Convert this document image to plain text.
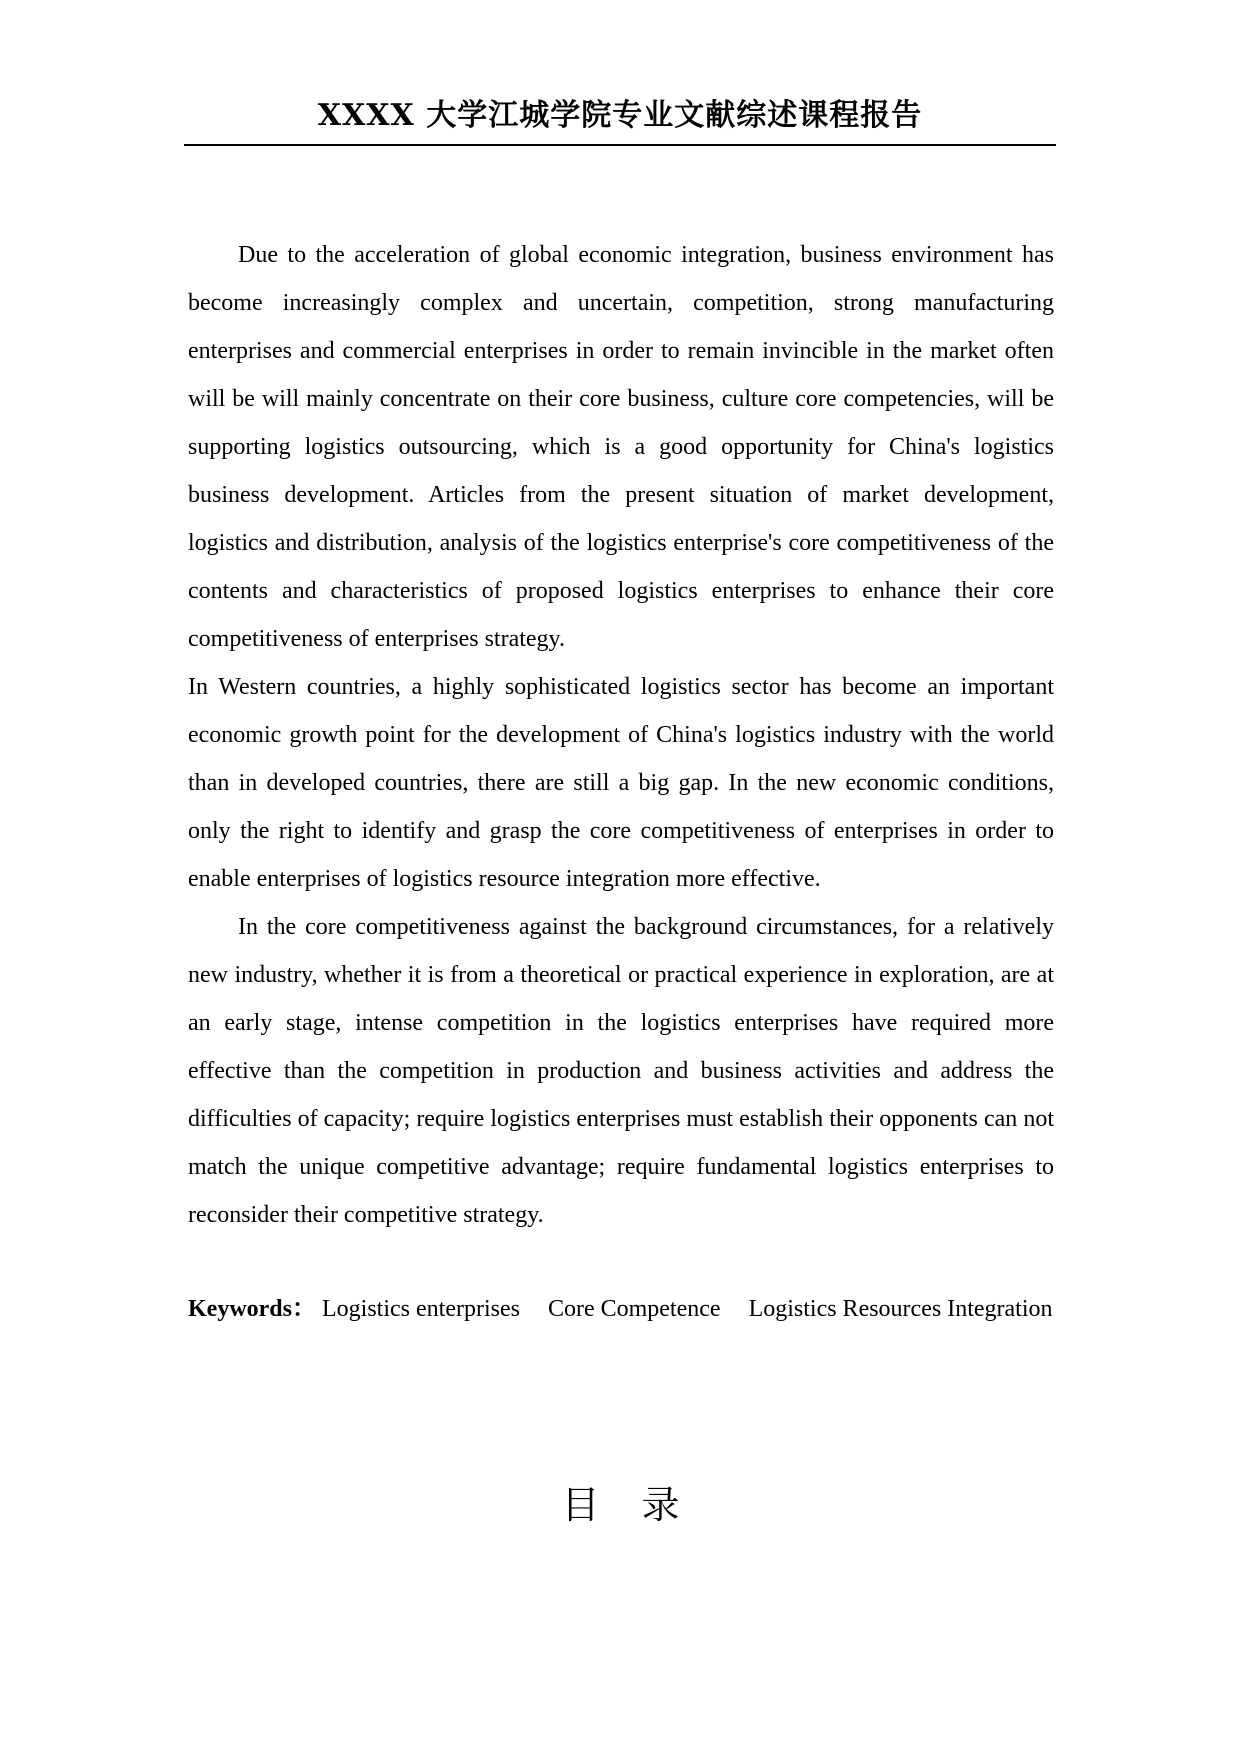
XXXX 大学江城学院专业文献综述课程报告

Due to the acceleration of global economic integration, business environment has become increasingly complex and uncertain, competition, strong manufacturing enterprises and commercial enterprises in order to remain invincible in the market often will be will mainly concentrate on their core business, culture core competencies, will be supporting logistics outsourcing, which is a good opportunity for China's logistics business development. Articles from the present situation of market development, logistics and distribution, analysis of the logistics enterprise's core competitiveness of the contents and characteristics of proposed logistics enterprises to enhance their core competitiveness of enterprises strategy.

In Western countries, a highly sophisticated logistics sector has become an important economic growth point for the development of China's logistics industry with the world than in developed countries, there are still a big gap. In the new economic conditions, only the right to identify and grasp the core competitiveness of enterprises in order to enable enterprises of logistics resource integration more effective.

In the core competitiveness against the background circumstances, for a relatively new industry, whether it is from a theoretical or practical experience in exploration, are at an early stage, intense competition in the logistics enterprises have required more effective than the competition in production and business activities and address the difficulties of capacity; require logistics enterprises must establish their opponents can not match the unique competitive advantage; require fundamental logistics enterprises to reconsider their competitive strategy.

Keywords： Logistics enterprises Core Competence Logistics Resources Integration
目 录
